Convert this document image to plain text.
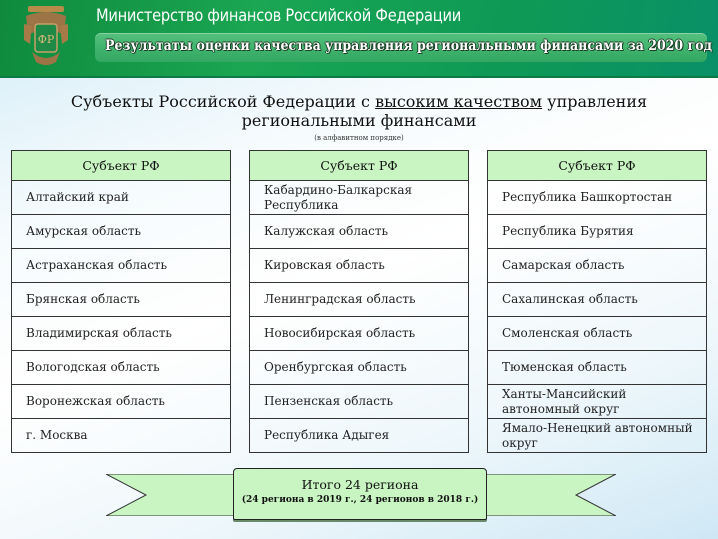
ФР
Министерство финансов Российской Федерации
Результаты оценки качества управления региональными финансами за 2020 год
Субъекты Российской Федерации с высоким качеством управления
региональными финансами
(в алфавитном порядке)
Субъект РФ
Алтайский край
Амурская область
Астраханская область
Брянская область
Владимирская область
Вологодская область
Воронежская область
г. Москва
Субъект РФ
Кабардино-Балкарская Республика
Калужская область
Кировская область
Ленинградская область
Новосибирская область
Оренбургская область
Пензенская область
Республика Адыгея
Субъект РФ
Республика Башкортостан
Республика Бурятия
Самарская область
Сахалинская область
Смоленская область
Тюменская область
Ханты-Мансийский автономный округ
Ямало-Ненецкий автономный округ
Итого 24 региона
(24 региона в 2019 г., 24 регионов в 2018 г.)
